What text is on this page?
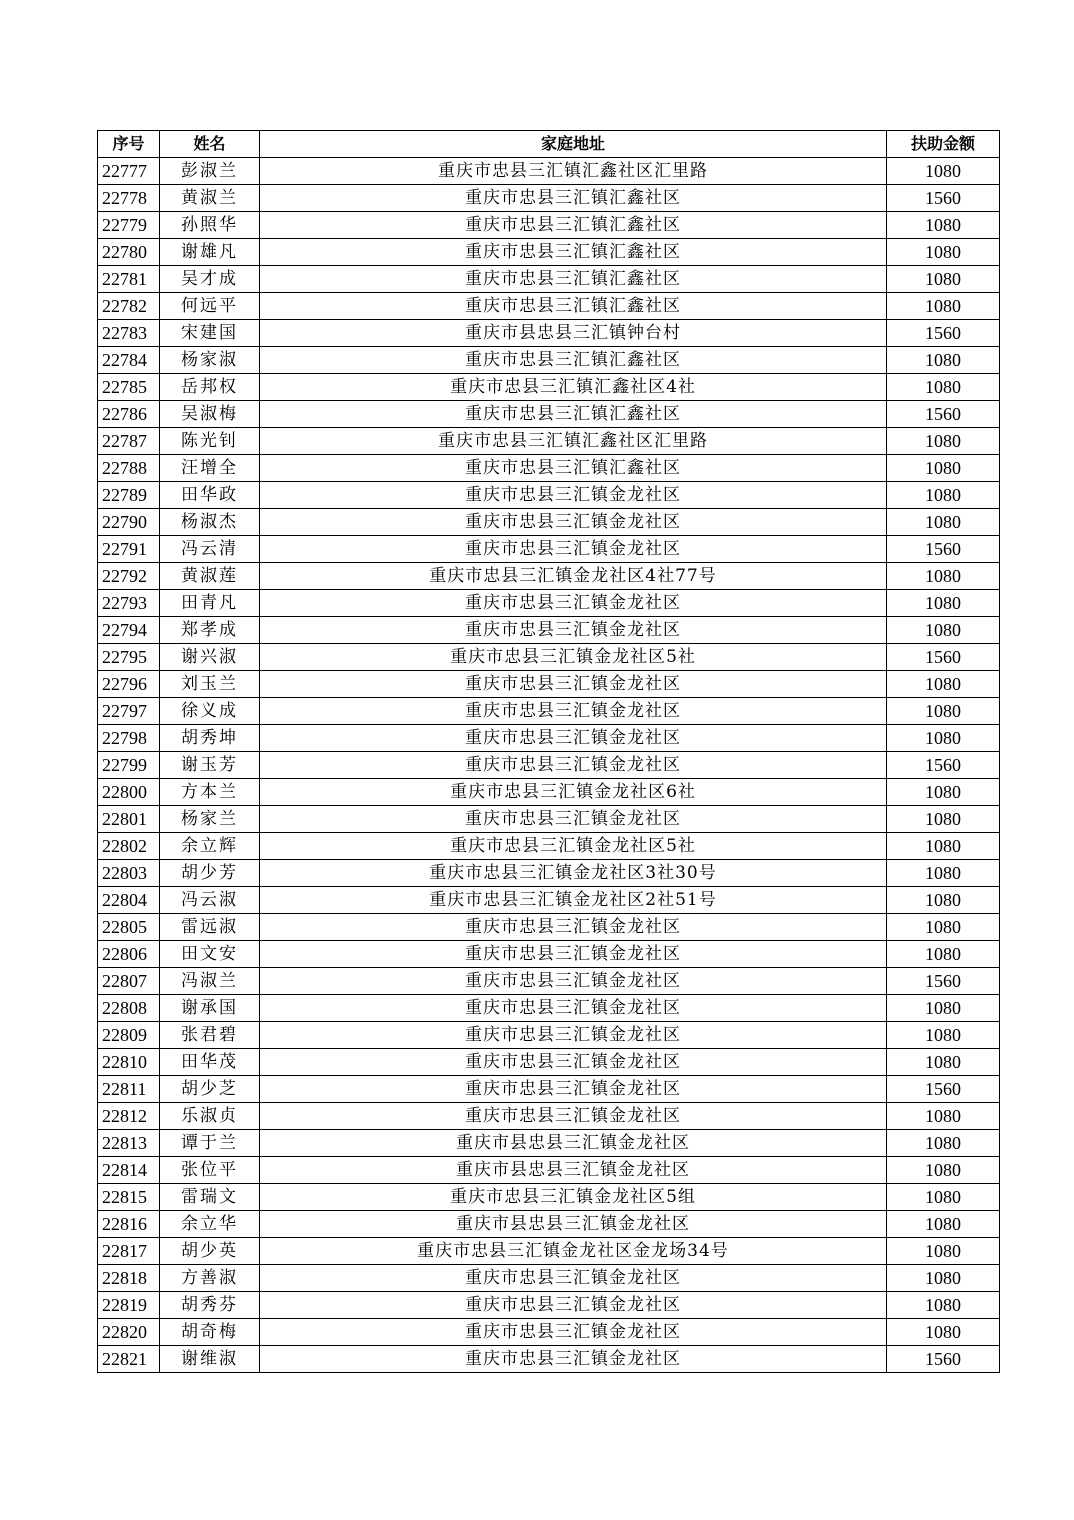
序号	姓名	家庭地址	扶助金额
22777	彭淑兰	重庆市忠县三汇镇汇鑫社区汇里路	1080
22778	黄淑兰	重庆市忠县三汇镇汇鑫社区	1560
22779	孙照华	重庆市忠县三汇镇汇鑫社区	1080
22780	谢雄凡	重庆市忠县三汇镇汇鑫社区	1080
22781	吴才成	重庆市忠县三汇镇汇鑫社区	1080
22782	何远平	重庆市忠县三汇镇汇鑫社区	1080
22783	宋建国	重庆市县忠县三汇镇钟台村	1560
22784	杨家淑	重庆市忠县三汇镇汇鑫社区	1080
22785	岳邦权	重庆市忠县三汇镇汇鑫社区4社	1080
22786	吴淑梅	重庆市忠县三汇镇汇鑫社区	1560
22787	陈光钊	重庆市忠县三汇镇汇鑫社区汇里路	1080
22788	汪增全	重庆市忠县三汇镇汇鑫社区	1080
22789	田华政	重庆市忠县三汇镇金龙社区	1080
22790	杨淑杰	重庆市忠县三汇镇金龙社区	1080
22791	冯云清	重庆市忠县三汇镇金龙社区	1560
22792	黄淑莲	重庆市忠县三汇镇金龙社区4社77号	1080
22793	田青凡	重庆市忠县三汇镇金龙社区	1080
22794	郑孝成	重庆市忠县三汇镇金龙社区	1080
22795	谢兴淑	重庆市忠县三汇镇金龙社区5社	1560
22796	刘玉兰	重庆市忠县三汇镇金龙社区	1080
22797	徐义成	重庆市忠县三汇镇金龙社区	1080
22798	胡秀坤	重庆市忠县三汇镇金龙社区	1080
22799	谢玉芳	重庆市忠县三汇镇金龙社区	1560
22800	方本兰	重庆市忠县三汇镇金龙社区6社	1080
22801	杨家兰	重庆市忠县三汇镇金龙社区	1080
22802	余立辉	重庆市忠县三汇镇金龙社区5社	1080
22803	胡少芳	重庆市忠县三汇镇金龙社区3社30号	1080
22804	冯云淑	重庆市忠县三汇镇金龙社区2社51号	1080
22805	雷远淑	重庆市忠县三汇镇金龙社区	1080
22806	田文安	重庆市忠县三汇镇金龙社区	1080
22807	冯淑兰	重庆市忠县三汇镇金龙社区	1560
22808	谢承国	重庆市忠县三汇镇金龙社区	1080
22809	张君碧	重庆市忠县三汇镇金龙社区	1080
22810	田华茂	重庆市忠县三汇镇金龙社区	1080
22811	胡少芝	重庆市忠县三汇镇金龙社区	1560
22812	乐淑贞	重庆市忠县三汇镇金龙社区	1080
22813	谭于兰	重庆市县忠县三汇镇金龙社区	1080
22814	张位平	重庆市县忠县三汇镇金龙社区	1080
22815	雷瑞文	重庆市忠县三汇镇金龙社区5组	1080
22816	余立华	重庆市县忠县三汇镇金龙社区	1080
22817	胡少英	重庆市忠县三汇镇金龙社区金龙场34号	1080
22818	方善淑	重庆市忠县三汇镇金龙社区	1080
22819	胡秀芬	重庆市忠县三汇镇金龙社区	1080
22820	胡奇梅	重庆市忠县三汇镇金龙社区	1080
22821	谢维淑	重庆市忠县三汇镇金龙社区	1560
